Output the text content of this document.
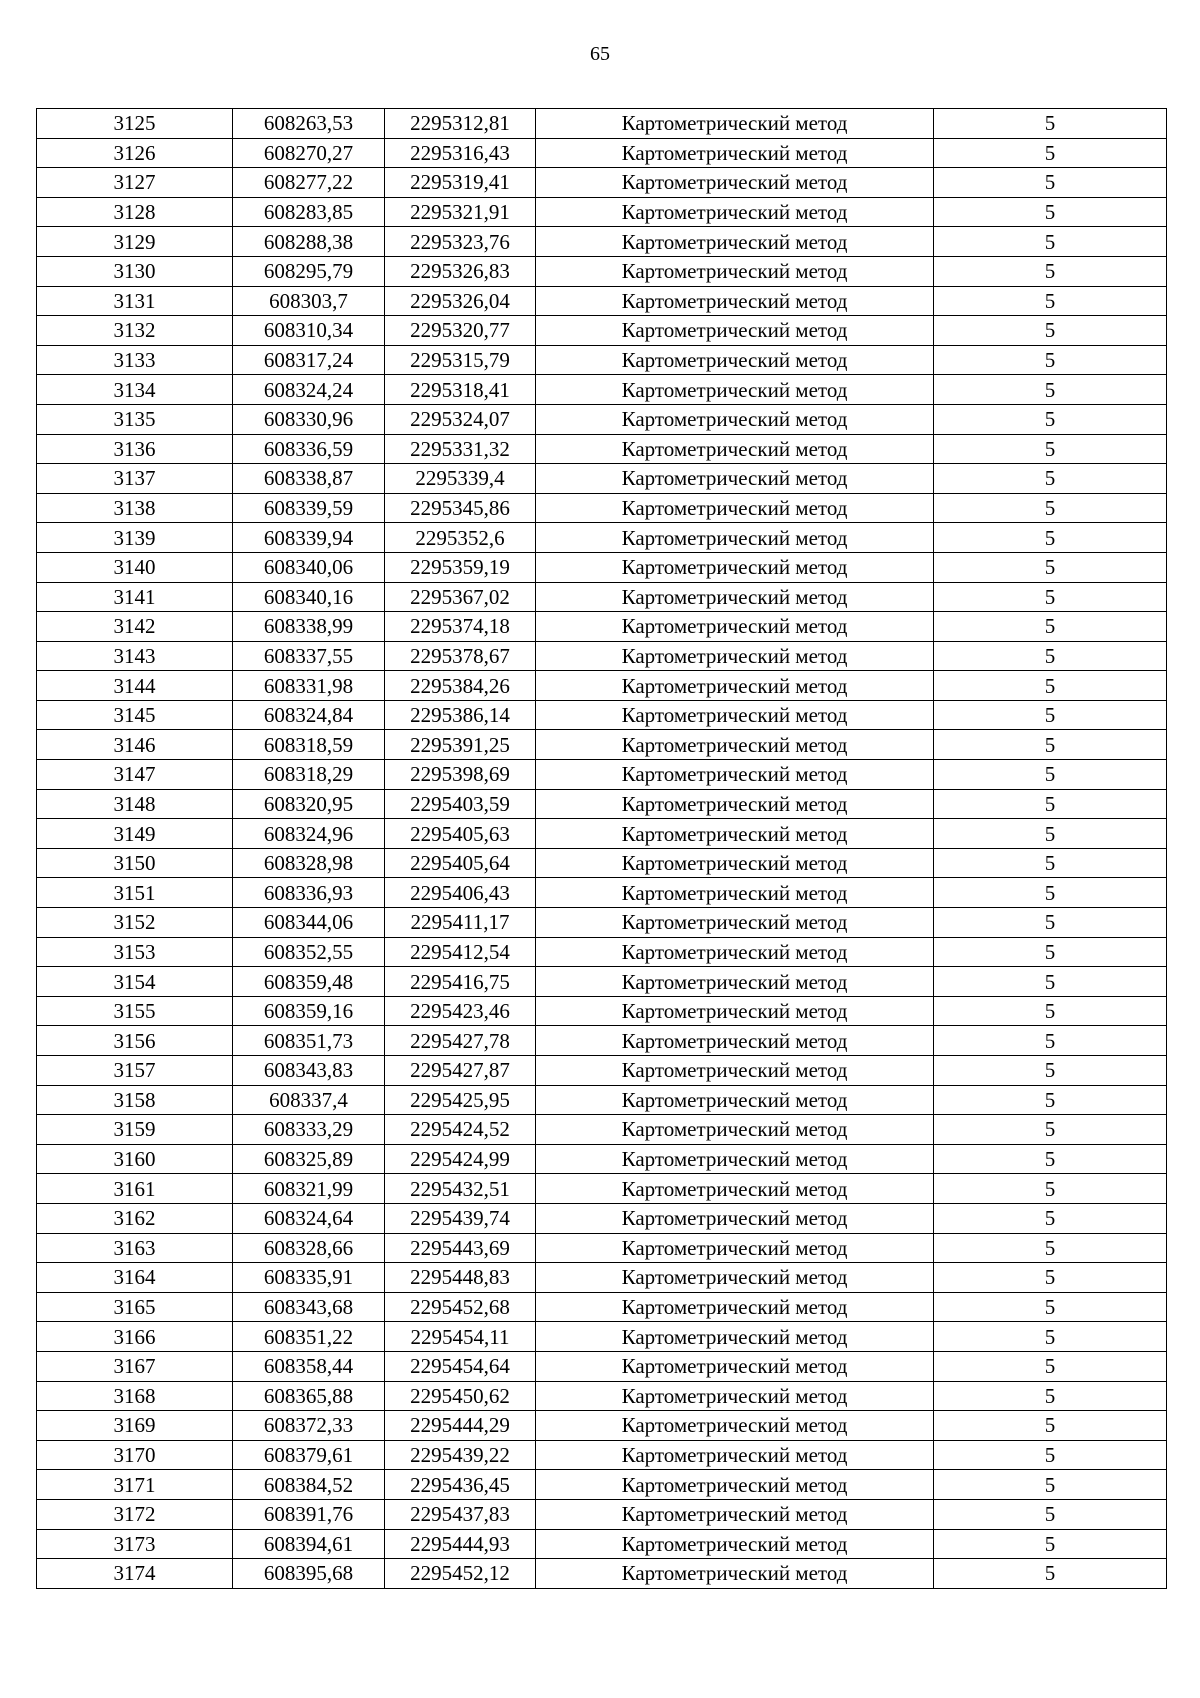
65
3125	608263,53	2295312,81	Картометрический метод	5
3126	608270,27	2295316,43	Картометрический метод	5
3127	608277,22	2295319,41	Картометрический метод	5
3128	608283,85	2295321,91	Картометрический метод	5
3129	608288,38	2295323,76	Картометрический метод	5
3130	608295,79	2295326,83	Картометрический метод	5
3131	608303,7	2295326,04	Картометрический метод	5
3132	608310,34	2295320,77	Картометрический метод	5
3133	608317,24	2295315,79	Картометрический метод	5
3134	608324,24	2295318,41	Картометрический метод	5
3135	608330,96	2295324,07	Картометрический метод	5
3136	608336,59	2295331,32	Картометрический метод	5
3137	608338,87	2295339,4	Картометрический метод	5
3138	608339,59	2295345,86	Картометрический метод	5
3139	608339,94	2295352,6	Картометрический метод	5
3140	608340,06	2295359,19	Картометрический метод	5
3141	608340,16	2295367,02	Картометрический метод	5
3142	608338,99	2295374,18	Картометрический метод	5
3143	608337,55	2295378,67	Картометрический метод	5
3144	608331,98	2295384,26	Картометрический метод	5
3145	608324,84	2295386,14	Картометрический метод	5
3146	608318,59	2295391,25	Картометрический метод	5
3147	608318,29	2295398,69	Картометрический метод	5
3148	608320,95	2295403,59	Картометрический метод	5
3149	608324,96	2295405,63	Картометрический метод	5
3150	608328,98	2295405,64	Картометрический метод	5
3151	608336,93	2295406,43	Картометрический метод	5
3152	608344,06	2295411,17	Картометрический метод	5
3153	608352,55	2295412,54	Картометрический метод	5
3154	608359,48	2295416,75	Картометрический метод	5
3155	608359,16	2295423,46	Картометрический метод	5
3156	608351,73	2295427,78	Картометрический метод	5
3157	608343,83	2295427,87	Картометрический метод	5
3158	608337,4	2295425,95	Картометрический метод	5
3159	608333,29	2295424,52	Картометрический метод	5
3160	608325,89	2295424,99	Картометрический метод	5
3161	608321,99	2295432,51	Картометрический метод	5
3162	608324,64	2295439,74	Картометрический метод	5
3163	608328,66	2295443,69	Картометрический метод	5
3164	608335,91	2295448,83	Картометрический метод	5
3165	608343,68	2295452,68	Картометрический метод	5
3166	608351,22	2295454,11	Картометрический метод	5
3167	608358,44	2295454,64	Картометрический метод	5
3168	608365,88	2295450,62	Картометрический метод	5
3169	608372,33	2295444,29	Картометрический метод	5
3170	608379,61	2295439,22	Картометрический метод	5
3171	608384,52	2295436,45	Картометрический метод	5
3172	608391,76	2295437,83	Картометрический метод	5
3173	608394,61	2295444,93	Картометрический метод	5
3174	608395,68	2295452,12	Картометрический метод	5
